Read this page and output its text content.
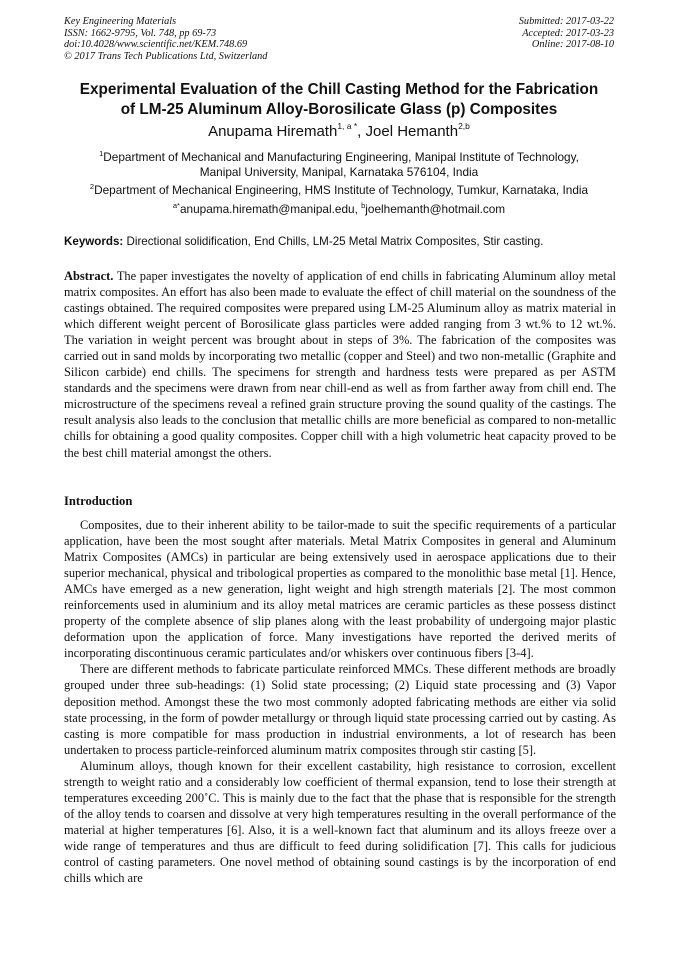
Key Engineering Materials
ISSN: 1662-9795, Vol. 748, pp 69-73
doi:10.4028/www.scientific.net/KEM.748.69
© 2017 Trans Tech Publications Ltd, Switzerland
Submitted: 2017-03-22
Accepted: 2017-03-23
Online: 2017-08-10
Experimental Evaluation of the Chill Casting Method for the Fabrication
of LM-25 Aluminum Alloy-Borosilicate Glass (p) Composites
Anupama Hiremath$^{1, a *}$, Joel Hemanth$^{2,b}$
$^1$Department of Mechanical and Manufacturing Engineering, Manipal Institute of Technology,
Manipal University, Manipal, Karnataka 576104, India
$^2$Department of Mechanical Engineering, HMS Institute of Technology, Tumkur, Karnataka, India
$^{a*}$anupama.hiremath@manipal.edu, $^b$joelhemanth@hotmail.com
Keywords: Directional solidification, End Chills, LM-25 Metal Matrix Composites, Stir casting.
Abstract. The paper investigates the novelty of application of end chills in fabricating Aluminum alloy metal matrix composites. An effort has also been made to evaluate the effect of chill material on the soundness of the castings obtained. The required composites were prepared using LM-25 Aluminum alloy as matrix material in which different weight percent of Borosilicate glass particles were added ranging from 3 wt.% to 12 wt.%. The variation in weight percent was brought about in steps of 3%. The fabrication of the composites was carried out in sand molds by incorporating two metallic (copper and Steel) and two non-metallic (Graphite and Silicon carbide) end chills. The specimens for strength and hardness tests were prepared as per ASTM standards and the specimens were drawn from near chill-end as well as from farther away from chill end. The microstructure of the specimens reveal a refined grain structure proving the sound quality of the castings. The result analysis also leads to the conclusion that metallic chills are more beneficial as compared to non-metallic chills for obtaining a good quality composites. Copper chill with a high volumetric heat capacity proved to be the best chill material amongst the others.
Introduction

Composites, due to their inherent ability to be tailor-made to suit the specific requirements of a particular application, have been the most sought after materials. Metal Matrix Composites in general and Aluminum Matrix Composites (AMCs) in particular are being extensively used in aerospace applications due to their superior mechanical, physical and tribological properties as compared to the monolithic base metal [1]. Hence, AMCs have emerged as a new generation, light weight and high strength materials [2]. The most common reinforcements used in aluminium and its alloy metal matrices are ceramic particles as these possess distinct property of the complete absence of slip planes along with the least probability of undergoing major plastic deformation upon the application of force. Many investigations have reported the derived merits of incorporating discontinuous ceramic particulates and/or whiskers over continuous fibers [3-4].

There are different methods to fabricate particulate reinforced MMCs. These different methods are broadly grouped under three sub-headings: (1) Solid state processing; (2) Liquid state processing and (3) Vapor deposition method. Amongst these the two most commonly adopted fabricating methods are either via solid state processing, in the form of powder metallurgy or through liquid state processing carried out by casting. As casting is more compatible for mass production in industrial environments, a lot of research has been undertaken to process particle-reinforced aluminum matrix composites through stir casting [5].

Aluminum alloys, though known for their excellent castability, high resistance to corrosion, excellent strength to weight ratio and a considerably low coefficient of thermal expansion, tend to lose their strength at temperatures exceeding 200˚C. This is mainly due to the fact that the phase that is responsible for the strength of the alloy tends to coarsen and dissolve at very high temperatures resulting in the overall performance of the material at higher temperatures [6]. Also, it is a well-known fact that aluminum and its alloys freeze over a wide range of temperatures and thus are difficult to feed during solidification [7]. This calls for judicious control of casting parameters. One novel method of obtaining sound castings is by the incorporation of end chills which are
